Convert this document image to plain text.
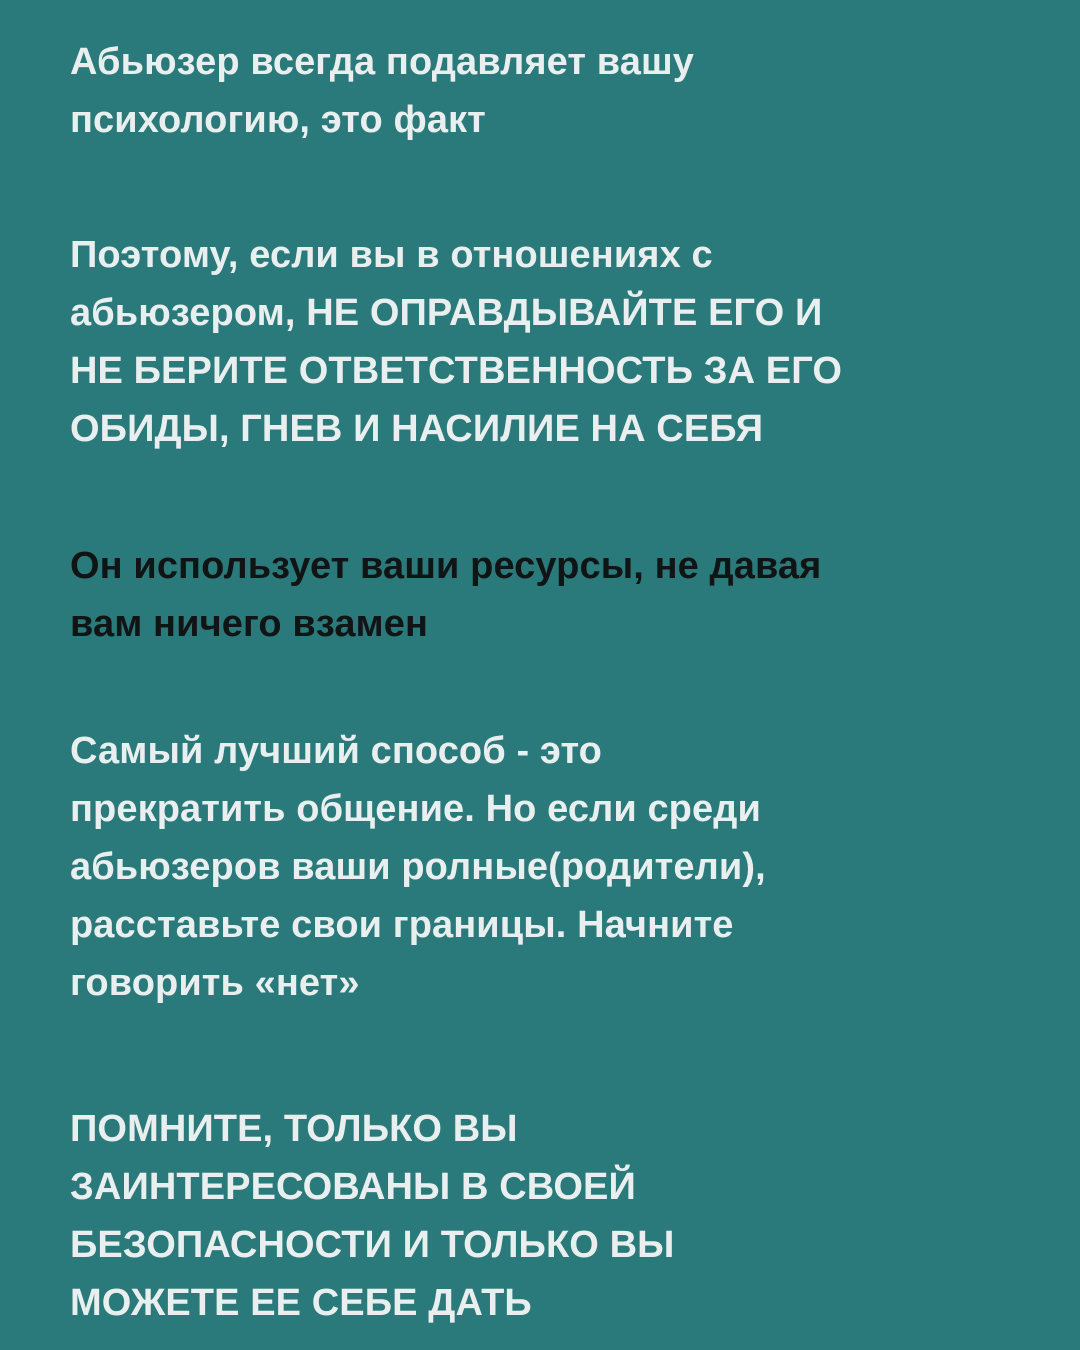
Абьюзер всегда подавляет вашу
психологию, это факт

Поэтому, если вы в отношениях с
абьюзером, НЕ ОПРАВДЫВАЙТЕ ЕГО И
НЕ БЕРИТЕ ОТВЕТСТВЕННОСТЬ ЗА ЕГО
ОБИДЫ, ГНЕВ И НАСИЛИЕ НА СЕБЯ

Он использует ваши ресурсы, не давая
вам ничего взамен

Самый лучший способ - это
прекратить общение. Но если среди
абьюзеров ваши ролные(родители),
расставьте свои границы. Начните
говорить «нет»

ПОМНИТЕ, ТОЛЬКО ВЫ
ЗАИНТЕРЕСОВАНЫ В СВОЕЙ
БЕЗОПАСНОСТИ И ТОЛЬКО ВЫ
МОЖЕТЕ ЕЕ СЕБЕ ДАТЬ
